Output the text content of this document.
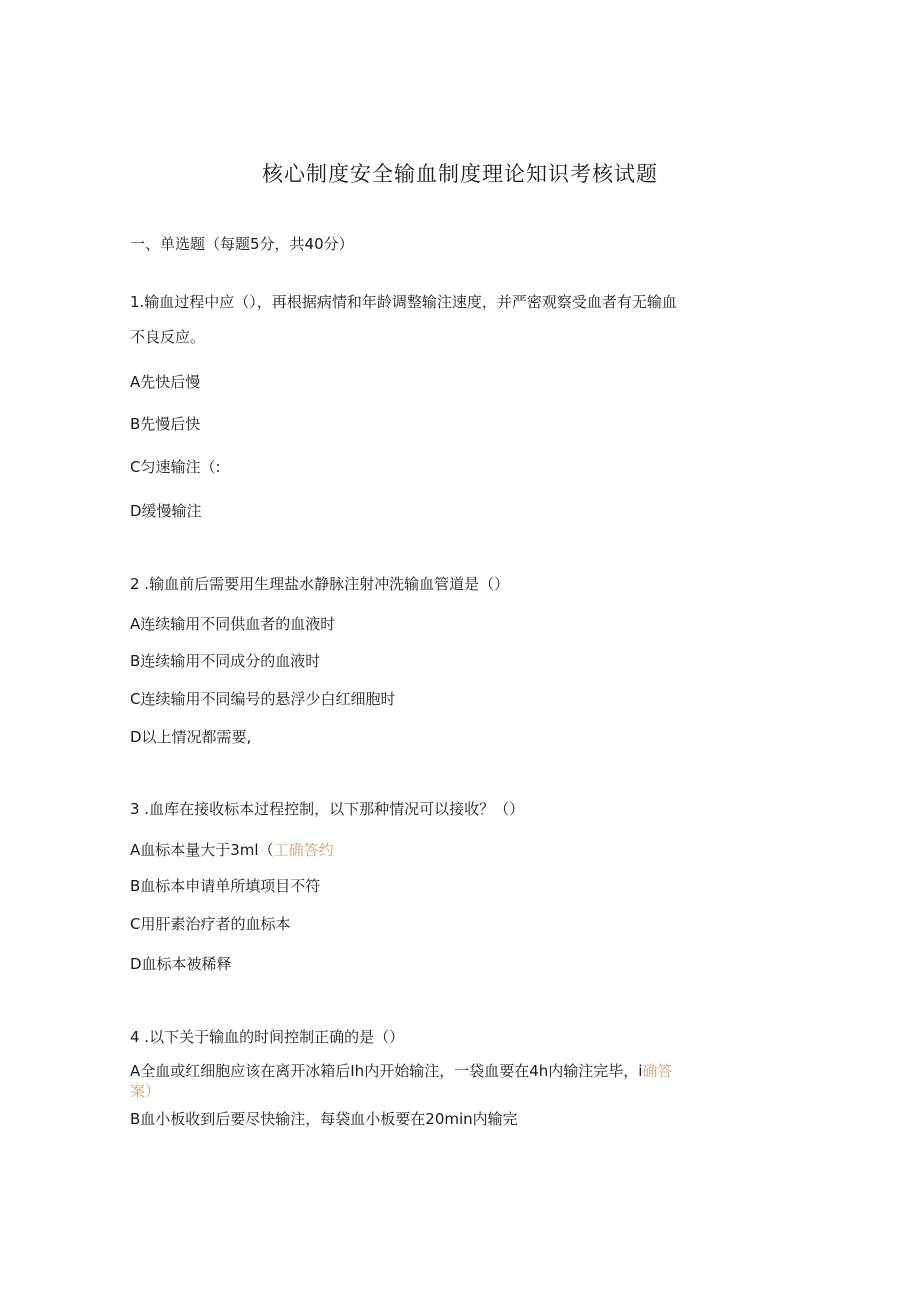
核心制度安全输血制度理论知识考核试题
一、单选题（每题5分，共40分）
1.输血过程中应（），再根据病情和年龄调整输注速度，并严密观察受血者有无输血
不良反应。
A先快后慢
B先慢后快
C匀速输注（:
D缓慢输注
2 .输血前后需要用生理盐水静脉注射冲洗输血管道是（）
A连续输用不同供血者的血液时
B连续输用不同成分的血液时
C连续输用不同编号的悬浮少白红细胞时
D以上情况都需要,
3 .血库在接收标本过程控制，以下那种情况可以接收？（）
A血标本量大于3ml（工确答约
B血标本申请单所填项目不符
C用肝素治疗者的血标本
D血标本被稀释
4 .以下关于输血的时间控制正确的是（）
A全血或红细胞应该在离开冰箱后Ih内开始输注，一袋血要在4h内输注完毕，i确答
案）
B血小板收到后要尽快输注，每袋血小板要在20min内输完
